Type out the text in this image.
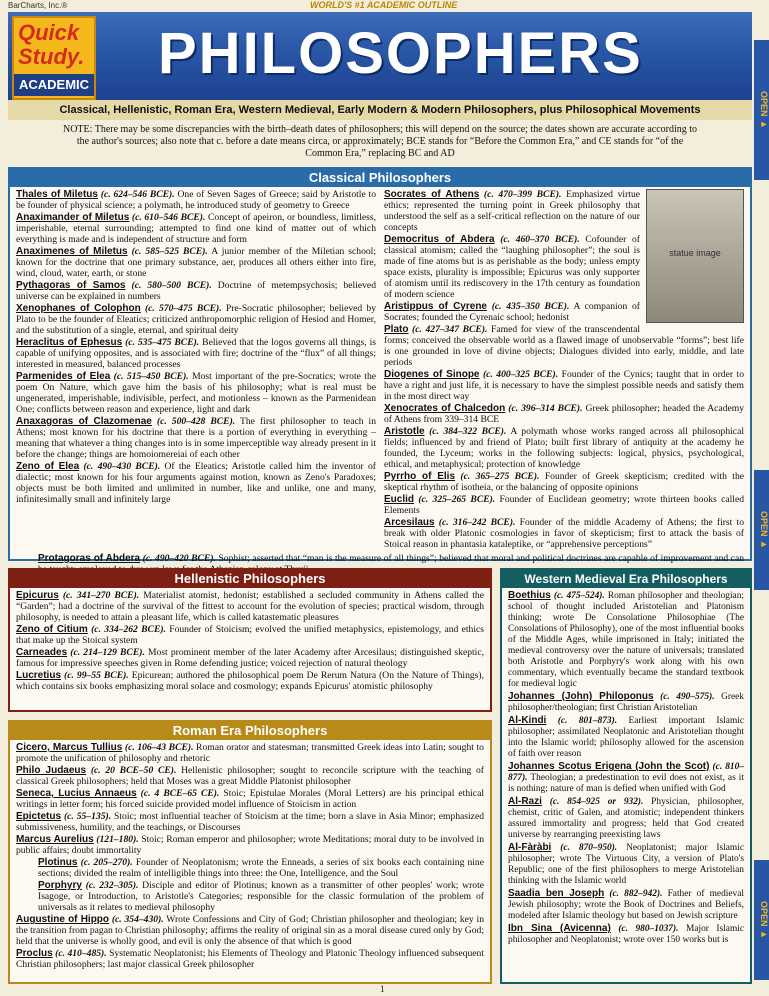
BarCharts, Inc.®	WORLD'S #1 ACADEMIC OUTLINE
Quick
Study.
ACADEMIC PHILOSOPHERS
OPEN ►
OPEN ►
OPEN ►
Classical, Hellenistic, Roman Era, Western Medieval, Early Modern & Modern Philosophers, plus Philosophical Movements
NOTE: There may be some discrepancies with the birth–death dates of philosophers; this will depend on the source; the dates shown are accurate according to the author's sources; also note that c. before a date means circa, or approximately; BCE stands for “Before the Common Era,” and CE stands for “of the Common Era,” replacing BC and AD
Classical Philosophers
Thales of Miletus (c. 624–546 BCE). One of Seven Sages of Greece; said by Aristotle to be founder of physical science; a polymath, he introduced study of geometry to Greece
Anaximander of Miletus (c. 610–546 BCE). Concept of apeiron, or boundless, limitless, imperishable, eternal surrounding; attempted to find one kind of matter out of which everything is made and is independent of structure and form
Anaximenes of Miletus (c. 585–525 BCE). A junior member of the Miletian school; known for the doctrine that one primary substance, aer, produces all others either into fire, wind, cloud, water, earth, or stone
Pythagoras of Samos (c. 580–500 BCE). Doctrine of metempsychosis; believed universe can be explained in numbers
Xenophanes of Colophon (c. 570–475 BCE). Pre-Socratic philosopher; believed by Plato to be the founder of Eleatics; criticized anthropomorphic religion of Hesiod and Homer, and the substitution of a single, eternal, and spiritual deity
Heraclitus of Ephesus (c. 535–475 BCE). Believed that the logos governs all things, is capable of unifying opposites, and is associated with fire; doctrine of the “flux” of all things; interested in measured, balanced processes
Parmenides of Elea (c. 515–450 BCE). Most important of the pre-Socratics; wrote the poem On Nature, which gave him the basis of his philosophy; what is real must be ungenerated, imperishable, indivisible, perfect, and motionless – known as the Parmenidean One; conflicts between reason and experience, light and dark
Anaxagoras of Clazomenae (c. 500–428 BCE). The first philosopher to teach in Athens; most known for his doctrine that there is a portion of everything in everything – meaning that whatever a thing changes into is in some imperceptible way already present in it before the change; things are homoiomereiai of each other
Zeno of Elea (c. 490–430 BCE). Of the Eleatics; Aristotle called him the inventor of dialectic; most known for his four arguments against motion, known as Zeno's Paradoxes; objects must be both limited and unlimited in number, like and unlike, one and many, infinitesimally small and infinitely large
statue image
Socrates of Athens (c. 470–399 BCE). Emphasized virtue ethics; represented the turning point in Greek philosophy that understood the self as a self-critical reflection on the nature of our concepts
Democritus of Abdera (c. 460–370 BCE). Cofounder of classical atomism; called the “laughing philosopher”; the soul is made of fine atoms but is as perishable as the body; unless empty space exists, plurality is impossible; Epicurus was only supporter of atomism until its rediscovery in the 17th century as foundation of modern science
Aristippus of Cyrene (c. 435–350 BCE). A companion of Socrates; founded the Cyrenaic school; hedonist
Plato (c. 427–347 BCE). Famed for view of the transcendental forms; conceived the observable world as a flawed image of unobservable “forms”; best life is one grounded in love of divine objects; Dialogues divided into early, middle, and late periods
Diogenes of Sinope (c. 400–325 BCE). Founder of the Cynics; taught that in order to have a right and just life, it is necessary to have the simplest possible needs and satisfy them in the most direct way
Xenocrates of Chalcedon (c. 396–314 BCE). Greek philosopher; headed the Academy of Athens from 339–314 BCE
Aristotle (c. 384–322 BCE). A polymath whose works ranged across all philosophical fields; influenced by and friend of Plato; built first library of antiquity at the academy he founded, the Lyceum; works in the following subjects: logical, physics, psychological, ethical, and metaphysical; protection of knowledge
Pyrrho of Elis (c. 365–275 BCE). Founder of Greek skepticism; credited with the skeptical rhythm of isotheia, or the balancing of opposite opinions
Euclid (c. 325–265 BCE). Founder of Euclidean geometry; wrote thirteen books called Elements
Arcesilaus (c. 316–242 BCE). Founder of the middle Academy of Athens; the first to break with older Platonic cosmologies in favor of skepticism; first to attack the basis of Stoical reason in phantasia kataleptike, or “apprehensive perceptions”
Protagoras of Abdera (c. 490–420 BCE). Sophist; asserted that “man is the measure of all things”; believed that moral and political doctrines are capable of improvement and can
Hellenistic Philosophers
Epicurus (c. 341–270 BCE). Materialist atomist, hedonist; established a secluded community in Athens called the “Garden”; had a doctrine of the survival of the fittest to account for the evolution of species; practical wisdom, through philosophy, is needed to attain a pleasant life, which is called katastematic pleasures
Zeno of Citium (c. 334–262 BCE). Founder of Stoicism; evolved the unified metaphysics, epistemology, and ethics that make up the Stoical system
Carneades (c. 214–129 BCE). Most prominent member of the later Academy after Arcesilaus; distinguished skeptic, famous for impressive speeches given in Rome defending justice; voiced rejection of natural theology
Lucretius (c. 99–55 BCE). Epicurean; authored the philosophical poem De Rerum Natura (On the Nature of Things), which contains six books emphasizing moral solace and cosmology; expands Epicurus' atomistic philosophy
Roman Era Philosophers
Cicero, Marcus Tullius (c. 106–43 BCE). Roman orator and statesman; transmitted Greek ideas into Latin; sought to promote the unification of philosophy and rhetoric
Philo Judaeus (c. 20 BCE–50 CE). Hellenistic philosopher; sought to reconcile scripture with the teaching of classical Greek philosophers; held that Moses was a great Middle Platonist philosopher
Seneca, Lucius Annaeus (c. 4 BCE–65 CE). Stoic; Epistulae Morales (Moral Letters) are his principal ethical writings in letter form; his forced suicide provided model influence of Stoicism in action
Epictetus (c. 55–135). Stoic; most influential teacher of Stoicism at the time; born a slave in Asia Minor; emphasized submissiveness, humility, and the teachings, or Discourses
Marcus Aurelius (121–180). Stoic; Roman emperor and philosopher; wrote Meditations; moral duty to be involved in public affairs; doubt immortality
Plotinus (c. 205–270). Founder of Neoplatonism; wrote the Enneads, a series of six books each containing nine sections; divided the realm of intelligible things into three: the One, Intelligence, and the Soul
Porphyry (c. 232–305). Disciple and editor of Plotinus; known as a transmitter of other peoples' work; wrote Isagoge, or Introduction, to Aristotle's Categories; responsible for the classic formulation of the problem of universals as it relates to medieval philosophy
Augustine of Hippo (c. 354–430). Wrote Confessions and City of God; Christian philosopher and theologian; key in the transition from pagan to Christian philosophy; affirms the reality of original sin as a moral disease cured only by God; held that the universe is wholly good, and evil is only the absence of that which is good
Proclus (c. 410–485). Systematic Neoplatonist; his Elements of Theology and Platonic Theology influenced subsequent Christian philosophers; last major classical Greek philosopher
Western Medieval Era Philosophers
Boethius (c. 475–524). Roman philosopher and theologian; school of thought included Aristotelian and Platonism thinking; wrote De Consolatione Philosophiae (The Consolations of Philosophy), one of the most influential books of the Middle Ages, while imprisoned in Italy; initiated the medieval controversy over the nature of universals; translated both Aristotle and Porphyry's work along with his own commentary, which eventually became the standard textbook for medieval logic
Johannes (John) Philoponus (c. 490–575). Greek philosopher/theologian; first Christian Aristotelian
Al-Kindi (c. 801–873). Earliest important Islamic philosopher; assimilated Neoplatonic and Aristotelian thought into the Islamic world; philosophy allowed for the ascension of faith over reason
Johannes Scotus Erigena (John the Scot) (c. 810–877). Theologian; a predestination to evil does not exist, as it is nothing; nature of man is defied when unified with God
Al-Razi (c. 854–925 or 932). Physician, philosopher, chemist, critic of Galen, and atomistic; independent thinkers assured immortality and progress; held that God created universe by rearranging preexisting laws
Al-Fàràbi (c. 870–950). Neoplatonist; major Islamic philosopher; wrote The Virtuous City, a version of Plato's Republic; one of the first philosophers to merge Aristotelian thinking with the Islamic world
Saadia ben Joseph (c. 882–942). Father of medieval Jewish philosophy; wrote the Book of Doctrines and Beliefs, modeled after Islamic theology but based on Jewish scripture
Ibn Sina (Avicenna) (c. 980–1037). Major Islamic philosopher and Neoplatonist; wrote over 150 works but is
1
